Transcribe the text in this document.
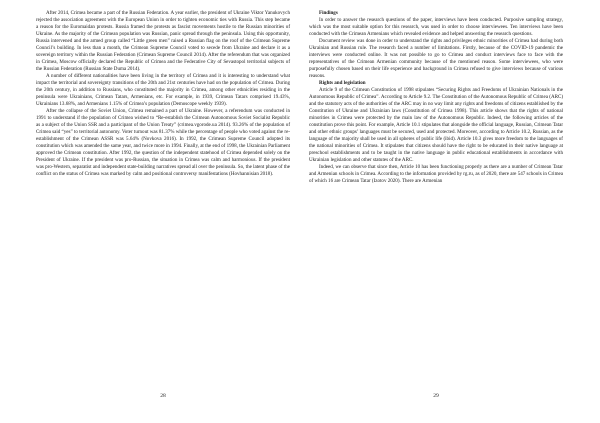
After 2014, Crimea became a part of the Russian Federation. A year earlier, the president of Ukraine Viktor Yanukovych rejected the association agreement with the European Union in order to tighten economic ties with Russia. This step became a reason for the Euromaidan protests. Russia framed the protests as fascist movements hostile to the Russian minorities of Ukraine. As the majority of the Crimean population was Russian, panic spread through the peninsula. Using this opportunity, Russia intervened and the armed group called “Little green men” raised a Russian flag on the roof of the Crimean Supreme Council’s building. In less than a month, the Crimean Supreme Council voted to secede from Ukraine and declare it as a sovereign territory within the Russian Federation (Crimean Supreme Council 2014). After the referendum that was organized in Crimea, Moscow officially declared the Republic of Crimea and the Federative City of Sevastopol territorial subjects of the Russian Federation (Russian State Duma 2014).

A number of different nationalities have been living in the territory of Crimea and it is interesting to understand what impact the territorial and sovereignty transitions of the 20th and 21st centuries have had on the population of Crimea. During the 20th century, in addition to Russians, who constituted the majority in Crimea, among other ethnicities residing in the peninsula were Ukrainians, Crimean Tatars, Armenians, etc. For example, in 1939, Crimean Tatars comprised 19.43%, Ukrainians 13.68%, and Armenians 1.15% of Crimea’s population (Demoscope weekly 1939).

After the collapse of the Soviet Union, Crimea remained a part of Ukraine. However, a referendum was conducted in 1991 to understand if the population of Crimea wished to “Re-establish the Crimean Autonomous Soviet Socialist Republic as a subject of the Union SSR and a participant of the Union Treaty” (crimea.vgorode.ua 2014). 93.26% of the population of Crimea said “yes” to territorial autonomy. Voter turnout was 81.37% while the percentage of people who voted against the re-establishment of the Crimean ASSR was 5.64% (Novkova 2016). In 1992, the Crimean Supreme Council adopted its constitution which was amended the same year, and twice more in 1994. Finally, at the end of 1998, the Ukrainian Parliament approved the Crimean constitution. After 1992, the question of the independent statehood of Crimea depended solely on the President of Ukraine. If the president was pro-Russian, the situation in Crimea was calm and harmonious. If the president was pro-Western, separatist and independent state-building narratives spread all over the peninsula. So, the latent phase of the conflict on the status of Crimea was marked by calm and positional controversy manifestations (Hovhannisian 2018).

28
Findings

In order to answer the research questions of the paper, interviews have been conducted. Purposive sampling strategy, which was the most suitable option for this research, was used in order to choose interviewees. Ten interviews have been conducted with the Crimean Armenians which revealed evidence and helped answering the research questions.

Document review was done in order to understand the rights and privileges ethnic minorities of Crimea had during both Ukrainian and Russian rule. The research faced a number of limitations. Firstly, because of the COVID-19 pandemic the interviews were conducted online. It was not possible to go to Crimea and conduct interviews face to face with the representatives of the Crimean Armenian community because of the mentioned reason. Some interviewees, who were purposefully chosen based on their life experience and background in Crimea refused to give interviews because of various reasons.

Rights and legislation

Article 9 of the Crimean Constitution of 1998 stipulates “Securing Rights and Freedoms of Ukrainian Nationals in the Autonomous Republic of Crimea”. According to Article 9.2. The Constitution of the Autonomous Republic of Crimea (ARC) and the statutory acts of the authorities of the ARC may in no way limit any rights and freedoms of citizens established by the Constitution of Ukraine and Ukrainian laws (Constitution of Crimea 1998). This article shows that the rights of national minorities in Crimea were protected by the main law of the Autonomous Republic. Indeed, the following articles of the constitution prove this point. For example, Article 10.1 stipulates that alongside the official language, Russian, Crimean Tatar and other ethnic groups’ languages must be secured, used and protected. Moreover, according to Article 10.2, Russian, as the language of the majority shall be used in all spheres of public life (ibid). Article 10.3 gives more freedom to the languages of the national minorities of Crimea. It stipulates that citizens should have the right to be educated in their native language at preschool establishments and to be taught in the native language in public educational establishments in accordance with Ukrainian legislation and other statutes of the ARC.

Indeed, we can observe that since then, Article 10 has been functioning properly as there are a number of Crimean Tatar and Armenian schools in Crimea. According to the information provided by rg.ru, as of 2020, there are 547 schools in Crimea of which 16 are Crimean Tatar (Izotov 2020). There are Armenian

29
